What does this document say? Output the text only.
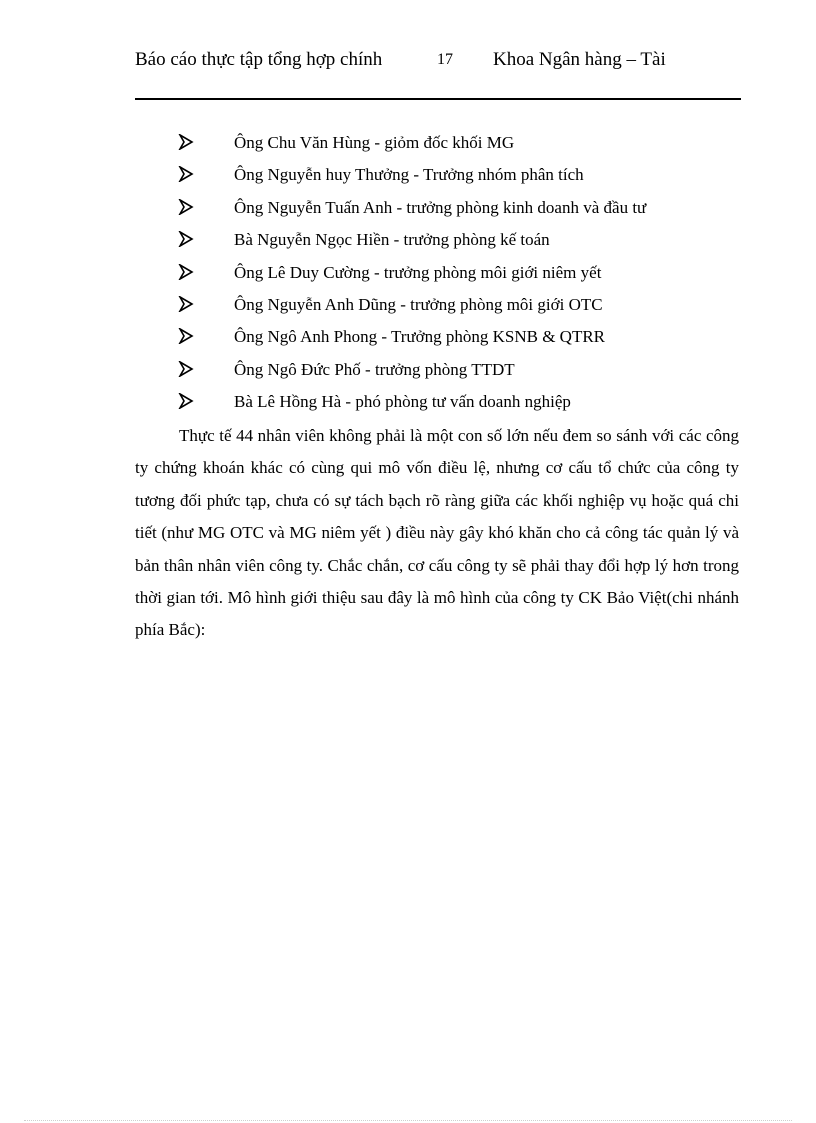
Báo cáo thực tập tổng hợp chính	17 Khoa Ngân hàng – Tài
Ông Chu Văn Hùng - giỏm đốc khối MG
Ông Nguyễn huy Thưởng - Trưởng nhóm phân tích
Ông Nguyễn Tuấn Anh - trưởng phòng kinh doanh và đầu tư
Bà Nguyễn Ngọc Hiền - trưởng phòng kế toán
Ông Lê Duy Cường - trưởng phòng môi giới niêm yết
Ông Nguyễn Anh Dũng - trưởng phòng môi giới OTC
Ông Ngô Anh Phong - Trưởng phòng KSNB & QTRR
Ông Ngô Đức Phố - trưởng phòng TTDT
Bà Lê Hồng Hà - phó phòng tư vấn doanh nghiệp

Thực tế 44 nhân viên không phải là một con số lớn nếu đem so sánh với các công ty chứng khoán khác có cùng qui mô vốn điều lệ, nhưng cơ cấu tổ chức của công ty tương đối phức tạp, chưa có sự tách bạch rõ ràng giữa các khối nghiệp vụ hoặc quá chi tiết (như MG OTC và MG niêm yết ) điều này gây khó khăn cho cả công tác quản lý và bản thân nhân viên công ty. Chắc chắn, cơ cấu công ty sẽ phải thay đổi hợp lý hơn trong thời gian tới. Mô hình giới thiệu sau đây là mô hình của công ty CK Bảo Việt(chi nhánh phía Bắc):
